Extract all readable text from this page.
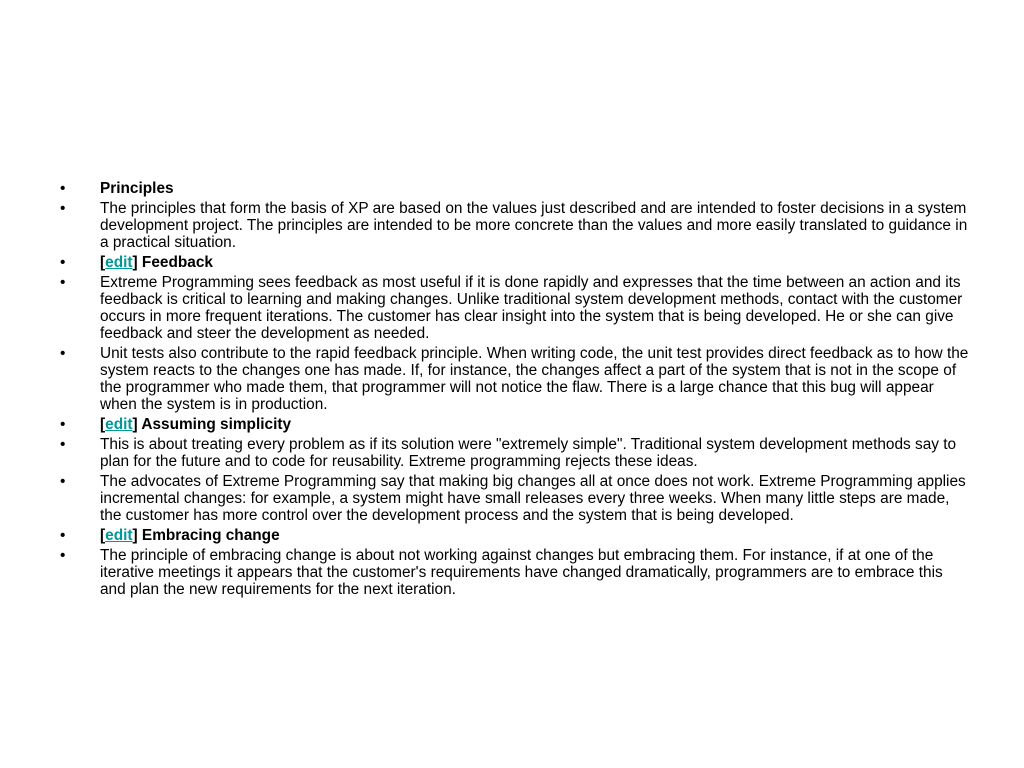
•	Principles
•	The principles that form the basis of XP are based on the values just described and are intended to foster decisions in a system development project. The principles are intended to be more concrete than the values and more easily translated to guidance in a practical situation.
•	[edit] Feedback
•	Extreme Programming sees feedback as most useful if it is done rapidly and expresses that the time between an action and its feedback is critical to learning and making changes. Unlike traditional system development methods, contact with the customer occurs in more frequent iterations. The customer has clear insight into the system that is being developed. He or she can give feedback and steer the development as needed.
•	Unit tests also contribute to the rapid feedback principle. When writing code, the unit test provides direct feedback as to how the system reacts to the changes one has made. If, for instance, the changes affect a part of the system that is not in the scope of the programmer who made them, that programmer will not notice the flaw. There is a large chance that this bug will appear when the system is in production.
•	[edit] Assuming simplicity
•	This is about treating every problem as if its solution were "extremely simple". Traditional system development methods say to plan for the future and to code for reusability. Extreme programming rejects these ideas.
•	The advocates of Extreme Programming say that making big changes all at once does not work. Extreme Programming applies incremental changes: for example, a system might have small releases every three weeks. When many little steps are made, the customer has more control over the development process and the system that is being developed.
•	[edit] Embracing change
•	The principle of embracing change is about not working against changes but embracing them. For instance, if at one of the iterative meetings it appears that the customer's requirements have changed dramatically, programmers are to embrace this and plan the new requirements for the next iteration.
